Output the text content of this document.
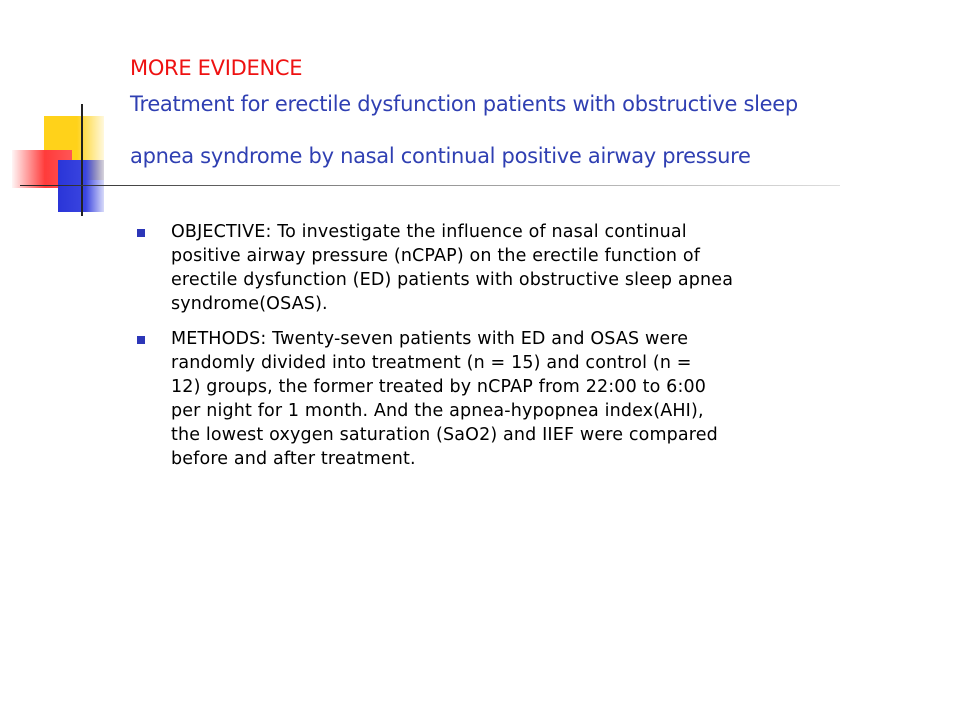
MORE EVIDENCE
Treatment for erectile dysfunction patients with obstructive sleep
apnea syndrome by nasal continual positive airway pressure
OBJECTIVE: To investigate the influence of nasal continual
positive airway pressure (nCPAP) on the erectile function of
erectile dysfunction (ED) patients with obstructive sleep apnea
syndrome(OSAS).
METHODS: Twenty-seven patients with ED and OSAS were
randomly divided into treatment (n = 15) and control (n =
12) groups, the former treated by nCPAP from 22:00 to 6:00
per night for 1 month. And the apnea-hypopnea index(AHI),
the lowest oxygen saturation (SaO2) and IIEF were compared
before and after treatment.
